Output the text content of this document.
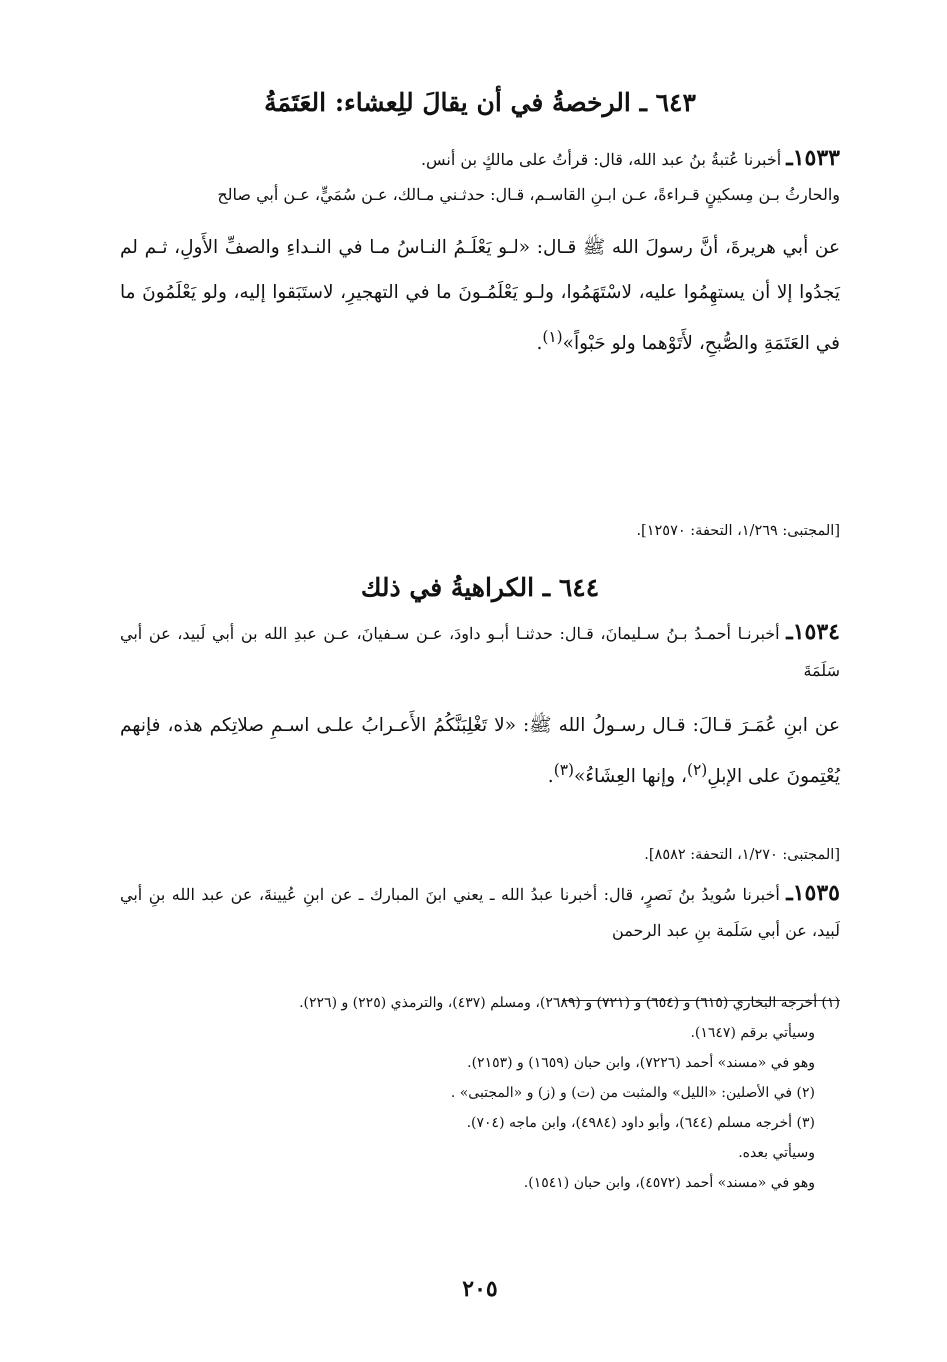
٦٤٣ ـ الرخصةُ في أن يقالَ للِعشاء: العَتَمَةُ

١٥٣٣ـ أخبرنا عُتبةُ بنُ عبد الله، قال: قرأتُ على مالكٍ بن أنس.

والحارثُ بـن مِسكينٍ قـراءةً، عـن ابـنِ القاسـم، قـال: حدثـني مـالك، عـن سُمَيٍّ، عـن أبي صالح

عن أبي هريرةَ، أنَّ رسولَ الله ﷺ قـال: «لـو يَعْلَـمُ النـاسُ مـا في النـداءِ والصفِّ الأَولِ، ثـم لم يَجدُوا إلا أن يستهِمُوا عليه، لاسْتَهَمُوا، ولـو يَعْلَمُـونَ ما في التهجيرِ، لاستَبَقوا إليه، ولو يَعْلَمُونَ ما في العَتَمَةِ والصُّبحِ، لأَتَوْهما ولو حَبْواً»$^{(١)}$.

[المجتبى: ١/٢٦٩، التحفة: ١٢٥٧٠].

٦٤٤ ـ الكراهيةُ في ذلك

١٥٣٤ـ أخبرنـا أحمـدُ بـنُ سـليمانَ، قـال: حدثنـا أبـو داودَ، عـن سـفيانَ، عـن عبدِ الله بن أبي لَبيد، عن أبي سَلَمَةَ

عن ابنِ عُمَـرَ قـالَ: قـال رسـولُ الله ﷺ: «لا تَغْلِبَنَّكُمُ الأَعـرابُ علـى اسـمِ صلاتِكم هذه، فإنهم يُعْتِمونَ على الإبلِ$^{(٢)}$، وإنها العِشَاءُ»$^{(٣)}$.

[المجتبى: ١/٢٧٠، التحفة: ٨٥٨٢].

١٥٣٥ـ أخبرنا سُويدُ بنُ نَصرٍ، قال: أخبرنا عبدُ الله ـ يعني ابنَ المبارك ـ عن ابنِ عُيينةَ، عن عبد الله بنِ أبي لَبيد، عن أبي سَلَمة بنِ عبد الرحمن

(١) أخرجه البخاري (٦١٥) و (٦٥٤) و (٧٢١) و (٢٦٨٩)، ومسلم (٤٣٧)، والترمذي (٢٢٥) و (٢٢٦).

وسيأتي برقم (١٦٤٧).

وهو في «مسند» أحمد (٧٢٢٦)، وابن حبان (١٦٥٩) و (٢١٥٣).

(٢) في الأصلين: «الليل» والمثبت من (ت) و (ز) و «المجتبى» .

(٣) أخرجه مسلم (٦٤٤)، وأبو داود (٤٩٨٤)، وابن ماجه (٧٠٤).

وسيأتي بعده.

وهو في «مسند» أحمد (٤٥٧٢)، وابن حبان (١٥٤١).

٢٠٥
